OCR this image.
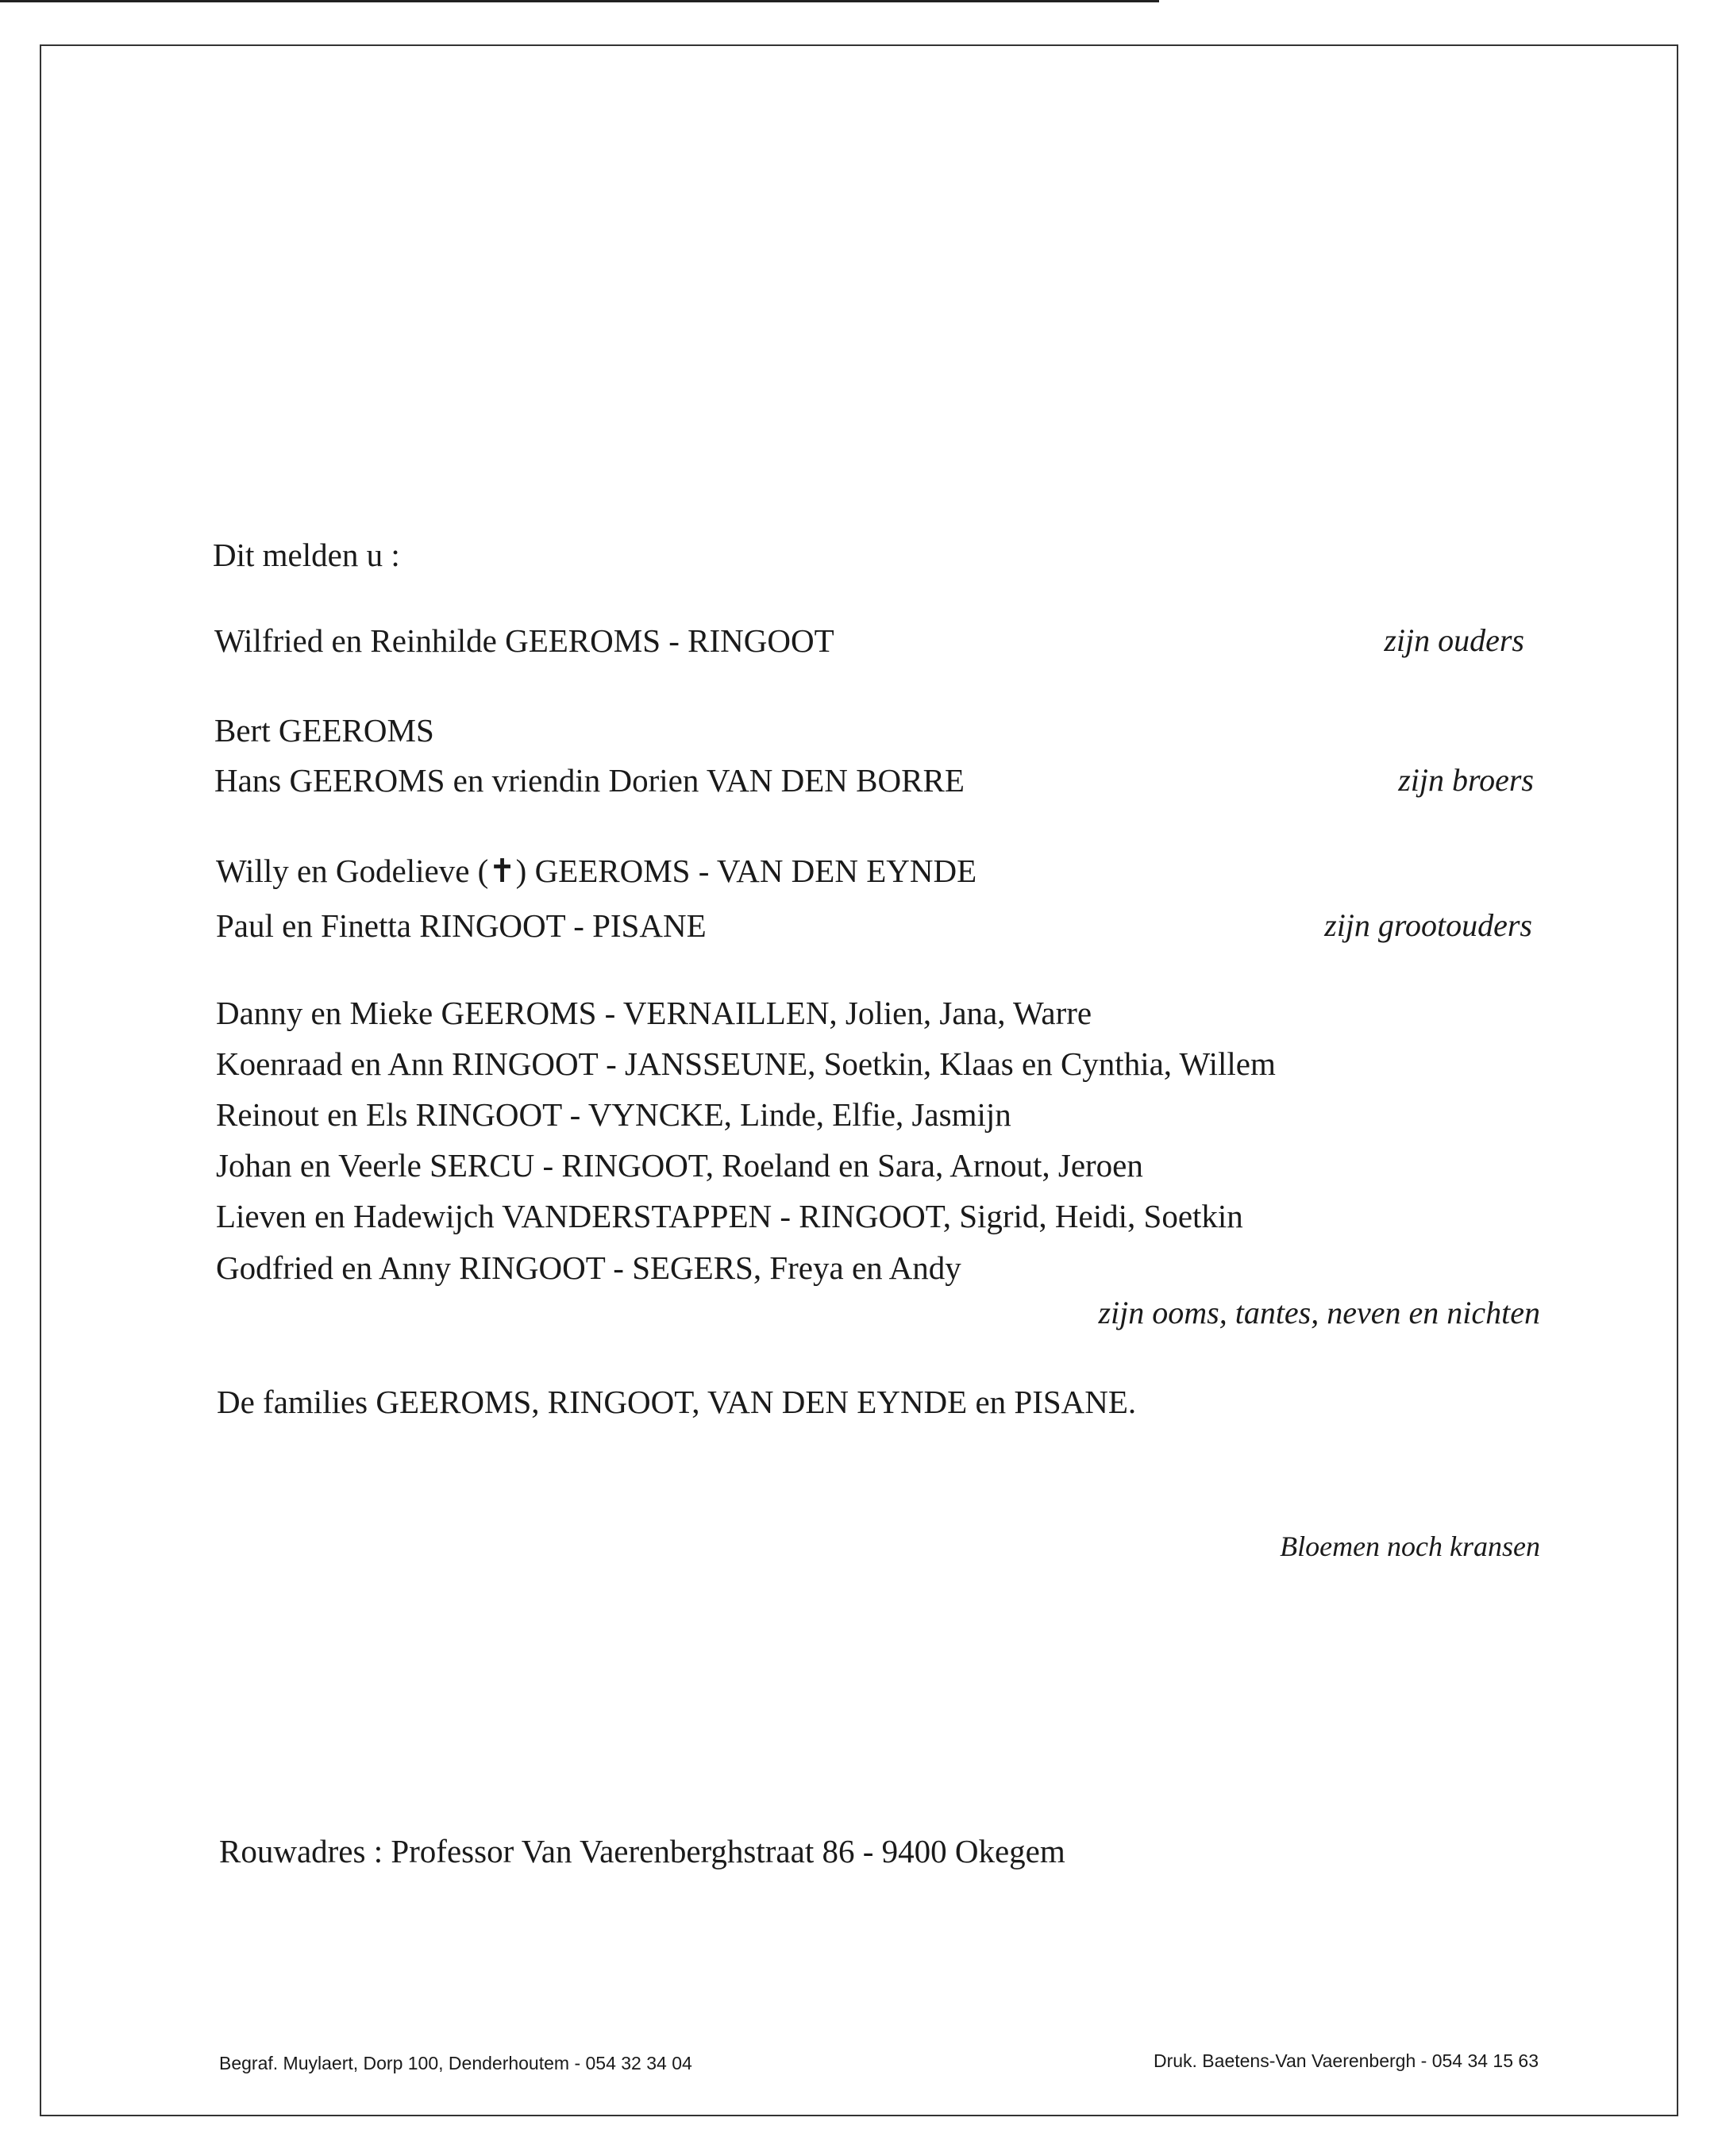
Dit melden u :
Wilfried en Reinhilde GEEROMS - RINGOOT	zijn ouders
Bert GEEROMS
Hans GEEROMS en vriendin Dorien VAN DEN BORRE	zijn broers
Willy en Godelieve (✝) GEEROMS - VAN DEN EYNDE
Paul en Finetta RINGOOT - PISANE	zijn grootouders
Danny en Mieke GEEROMS - VERNAILLEN, Jolien, Jana, Warre
Koenraad en Ann RINGOOT - JANSSEUNE, Soetkin, Klaas en Cynthia, Willem
Reinout en Els RINGOOT - VYNCKE, Linde, Elfie, Jasmijn
Johan en Veerle SERCU - RINGOOT, Roeland en Sara, Arnout, Jeroen
Lieven en Hadewijch VANDERSTAPPEN - RINGOOT, Sigrid, Heidi, Soetkin
Godfried en Anny RINGOOT - SEGERS, Freya en Andy
zijn ooms, tantes, neven en nichten
De families GEEROMS, RINGOOT, VAN DEN EYNDE en PISANE.
Bloemen noch kransen
Rouwadres : Professor Van Vaerenberghstraat 86 - 9400 Okegem
Begraf. Muylaert, Dorp 100, Denderhoutem - 054 32 34 04	Druk. Baetens-Van Vaerenbergh - 054 34 15 63
